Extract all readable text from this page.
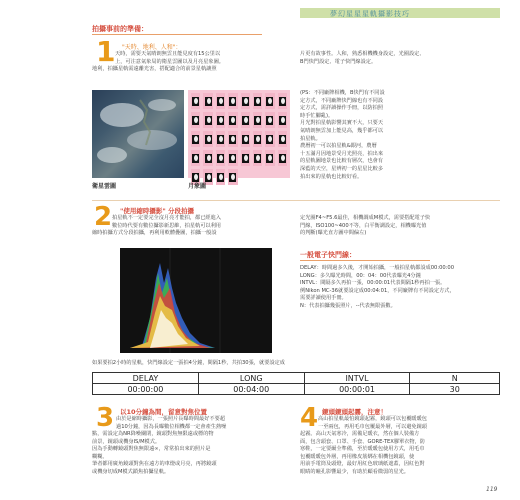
夢幻星星星軌攝影技巧
拍攝事前的準備：
1 "天時、地利、人和"：
天時，需要天氣晴朗無雲且能見度有15公里以
上，可注意氣象局的衛星雲圖以及月亮星象圖。
地利，拍攝星軌需遠離光害，搭配適合的前景星軌讓照
片更有故事性。人和，熟悉相機機身設定，光圈設定、
B門快門設定、電子快門線設定。
衛星雲圖	月象圖
(PS：不同廠牌相機，B快門有不同設
定方式，不同廠牌快門線也有不同設
定方式，需詳讀操作手冊，以防拍照
時手忙腳亂)。
月光對拍星軌影響其實不大，只要天
氣晴朗無雲加上能見高，幾乎都可以
拍星軌。
農曆初一可以拍星軌&銀河，農曆
十五滿月因地景受月光照亮，拍出來
的星軌圖地景也比較有層次，也會有
深藍的天空，星辨初一的星星比較多
拍出來的星軌也比較好看。
2 "使用縮時攝影" 分段拍攝
拍星軌不一定要完全沒月亮才能拍，都已經進入
數位時代要有數位攝影新思維，拍星軌可以利用
縮時拍攝方式分段拍攝，再利用軟體疊圖，拍攝一般設
定光圈F4~F5.6最佳，相機調成M模式，需要搭配電子快
門線，ISO100~400不等，白平衡調設定，相機曝光值
的判斷(曝光直方圖中間偏左)
一般電子快門線：
DELAY：時間過多久後，才開始拍攝，一般拍星軌都設成00:00:00
LONG：多久曝光時間，00：04：00代表曝光4分鐘
INTVL：間隔多久再拍一張，00:00:01代表間隔1秒再拍一張。
例Nikon MC-36就要設定成00:04:01，不同廠牌有不同設定方式，
需要詳讀使用手冊。
N：代表拍攝幾張照片，--代表無限張數。
如果要拍2小時的星軌，快門線設定一張拍4分鐘，間隔1秒，共拍30張，就要設定成
DELAY	LONG	INTVL	N
00:00:00	00:04:00	00:00:01	30
3 以10分鐘為間，留意對焦位置
由於是縮時攝影，一張照片長曝時間最好不要超
過10分鐘，因為長曝數位相機都一定會產生熱噪
點，需設定為NR降噪關閉，鏡頭對焦無限遠或標的物
前景，鏡頭或機身IS/M模式。
因為手動轉鏡頭對焦無限遠∞，常常拍出來的照片是
糊糊。
筆者都用廣角鏡頭對焦在遠方的車燈或月亮，再將鏡頭
或機身切成M模式鎖焦拍攝星軌。
4 鏡頭鏡頭起霧，注意！
高山拍星軌最怕鏡頭起霧，鏡頭可以包覆暖暖包
一至兩包，再用毛巾包覆最外層，可以避免鏡頭
起霧。高山天氣寒冷，需備足暖衣，然在個人裝備方
面，包含頭套、口罩、手套、GORE-TEX膠單衣物，防
寒鞋，一定要爾全準備，至於暖暖包使用方式，用毛巾
包覆暖暖包外層，再用橡皮筋綁在相機包鏡頭，使
用前手電筒及頭燈，最好用紅色玻璃紙遮蓋，因紅色對
眼睛的瞳孔影響最少，有助於顧看微弱的星光。
119
